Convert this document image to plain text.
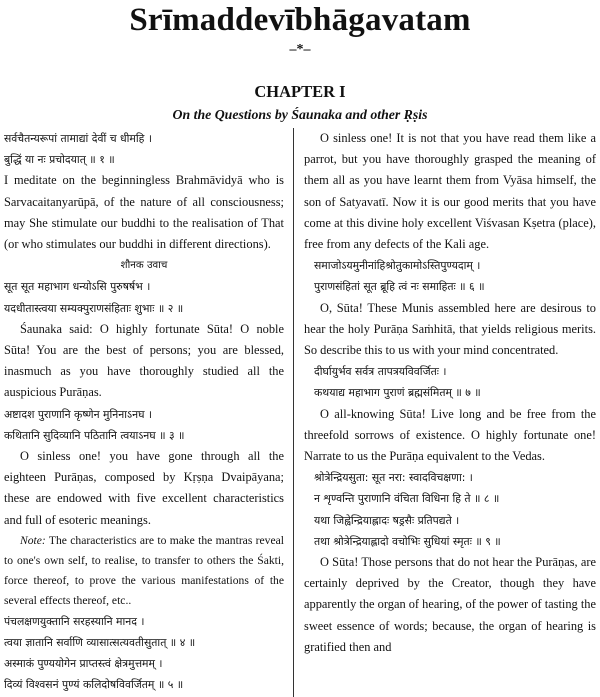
Srīmaddevībhāgavatam
–*–
CHAPTER I
On the Questions by Śaunaka and other Ṛṣis
सर्वचैतन्यरूपां तामाद्यां देवीं च धीमहि ।
बुद्धिं या नः प्रचोदयात् ॥ १ ॥

I meditate on the beginningless Brahmāvidyā who is Sarvacaitanyarūpā, of the nature of all consciousness; may She stimulate our buddhi to the realisation of That (or who stimulates our buddhi in different directions).

शौनक उवाच
सूत सूत महाभाग धन्योऽसि पुरुषर्षभ ।
यदधीतास्त्वया सम्यक्पुराणसंहिताः शुभाः ॥ २ ॥

Śaunaka said: O highly fortunate Sūta! O noble Sūta! You are the best of persons; you are blessed, inasmuch as you have thoroughly studied all the auspicious Purāṇas.

अष्टादश पुराणानि कृष्णेन मुनिनाऽनघ ।
कथितानि सुदिव्यानि पठितानि त्वयाऽनघ ॥ ३ ॥

O sinless one! you have gone through all the eighteen Purāṇas, composed by Kṛṣṇa Dvaipāyana; these are endowed with five excellent characteristics and full of esoteric meanings.

Note: The characteristics are to make the mantras reveal to one's own self, to realise, to transfer to others the Śakti, force thereof, to prove the various manifestations of the several effects thereof, etc..

पंचलक्षणयुक्तानि सरहस्यानि मानद ।
त्वया ज्ञातानि सर्वाणि व्यासात्सत्यवतीसुतात् ॥ ४ ॥
अस्माकं पुण्ययोगेन प्राप्तस्त्वं क्षेत्रमुत्तमम् ।
दिव्यं विश्वसनं पुण्यं कलिदोषविवर्जितम् ॥ ५ ॥

O sinless one! It is not that you have read them like a parrot, but you have thoroughly grasped the meaning of them all as you have learnt them from Vyāsa himself, the son of Satyavatī. Now it is our good merits that you have come at this divine holy excellent Viśvasan Kṣetra (place), free from any defects of the Kali age.

समाजोऽयमुनीनांहिश्रोतुकामोऽस्तिपुण्यदाम् ।
पुराणसंहितां सूत ब्रूहि त्वं नः समाहितः ॥ ६ ॥

O, Sūta! These Munis assembled here are desirous to hear the holy Purāṇa Saṁhitā, that yields religious merits. So describe this to us with your mind concentrated.

दीर्घायुर्भव सर्वत्र तापत्रयविवर्जितः ।
कथयाद्य महाभाग पुराणं ब्रह्मसंमितम् ॥ ७ ॥

O all-knowing Sūta! Live long and be free from the threefold sorrows of existence. O highly fortunate one! Narrate to us the Purāṇa equivalent to the Vedas.

श्रोत्रेन्द्रियसुता: सूत नरा: स्वादविचक्षणा: ।
न शृण्वन्ति पुराणानि वंचिता विधिना हि ते ॥ ८ ॥
यथा जिह्वेन्द्रियाह्लादः षड्रसैः प्रतिपद्यते ।
तथा श्रोत्रेन्द्रियाह्लादो वचोभिः सुधियां स्मृतः ॥ ९ ॥

O Sūta! Those persons that do not hear the Purāṇas, are certainly deprived by the Creator, though they have apparently the organ of hearing, of the power of tasting the sweet essence of words; because, the organ of hearing is gratified then and
